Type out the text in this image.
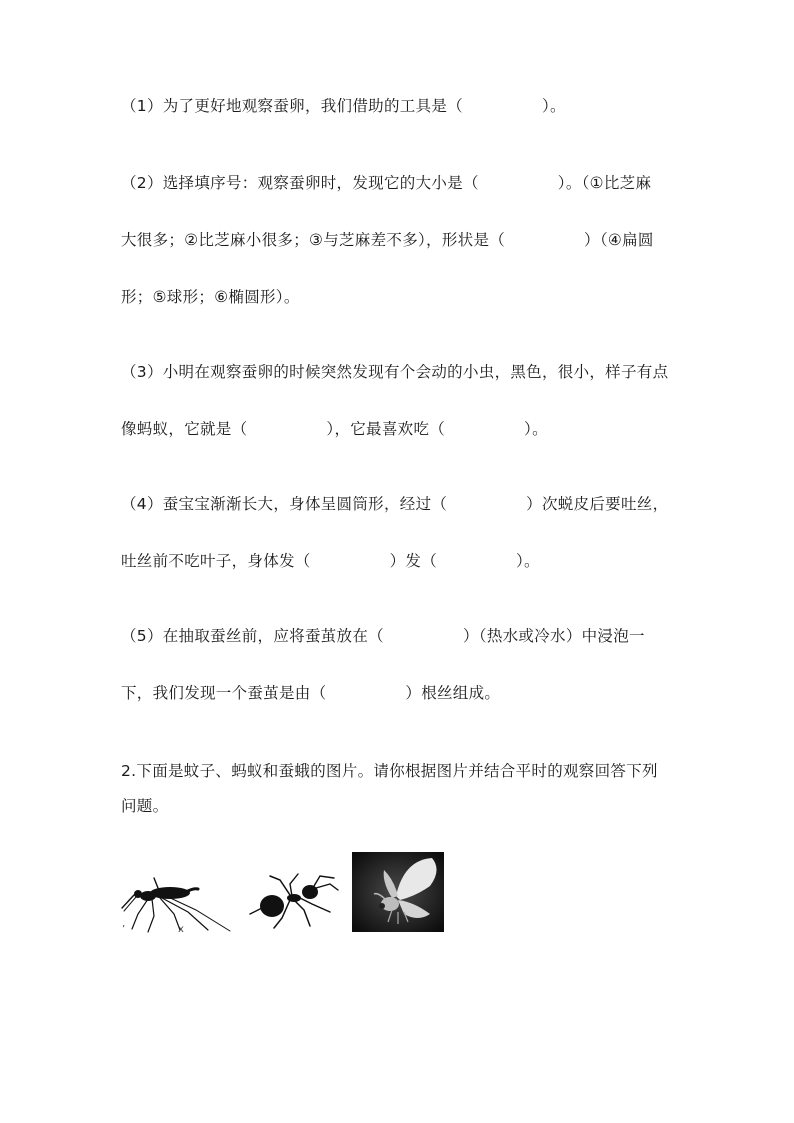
（1）为了更好地观察蚕卵，我们借助的工具是（　　　　　）。
（2）选择填序号：观察蚕卵时，发现它的大小是（　　　　　）。（①比芝麻
大很多；②比芝麻小很多；③与芝麻差不多），形状是（　　　　　）（④扁圆
形；⑤球形；⑥椭圆形）。
（3）小明在观察蚕卵的时候突然发现有个会动的小虫，黑色，很小，样子有点
像蚂蚁，它就是（　　　　　），它最喜欢吃（　　　　　）。
（4）蚕宝宝渐渐长大，身体呈圆筒形，经过（　　　　　）次蜕皮后要吐丝，
吐丝前不吃叶子，身体发（　　　　　）发（　　　　　）。
（5）在抽取蚕丝前，应将蚕茧放在（　　　　　）（热水或冷水）中浸泡一
下，我们发现一个蚕茧是由（　　　　　）根丝组成。
2.下面是蚊子、蚂蚁和蚕蛾的图片。请你根据图片并结合平时的观察回答下列
问题。
’	x
